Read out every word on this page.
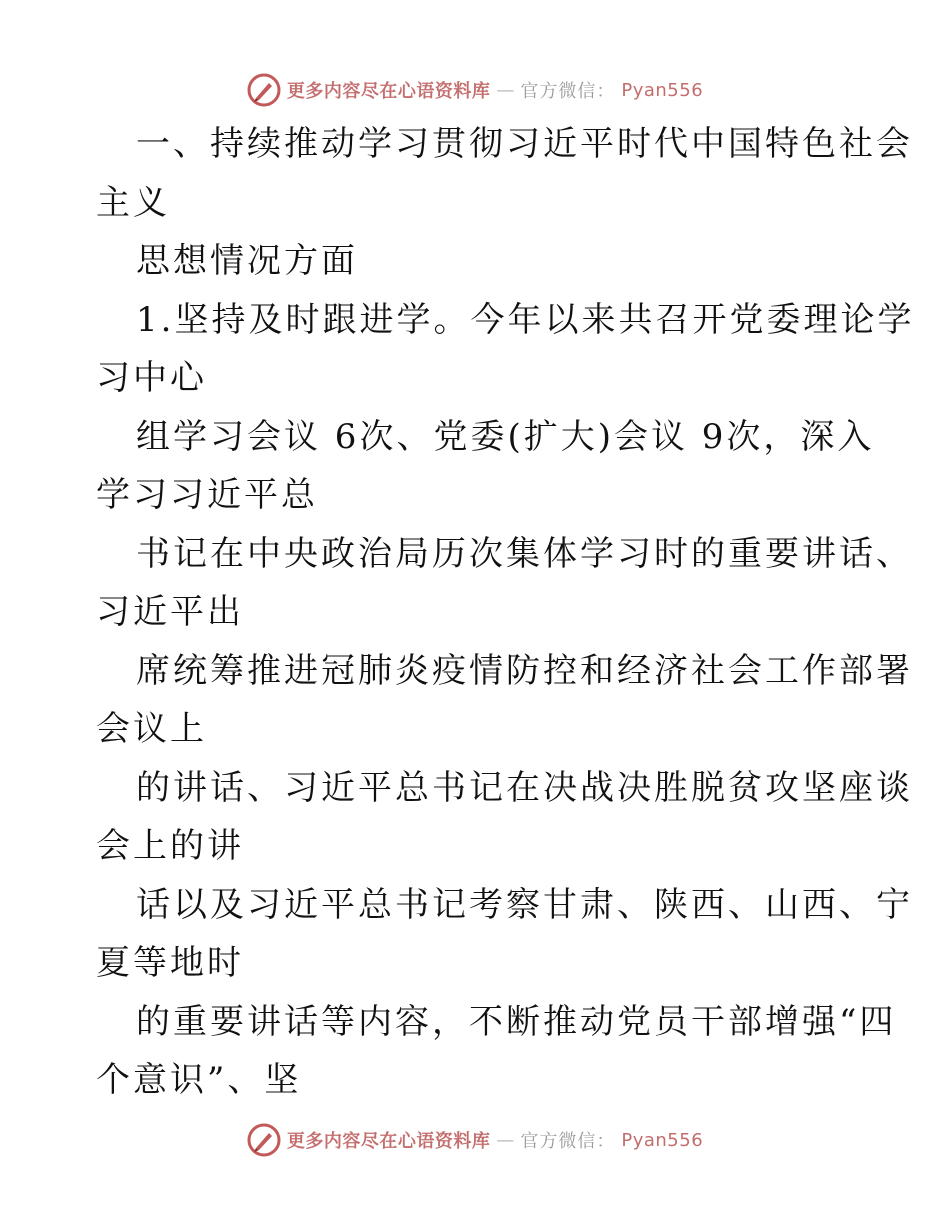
更多内容尽在心语资料库 — 官方微信： Pyan556
一、持续推动学习贯彻习近平时代中国特色社会
主义
思想情况方面
1.坚持及时跟进学。今年以来共召开党委理论学
习中心
组学习会议 6次、党委(扩大)会议 9次，深入
学习习近平总
书记在中央政治局历次集体学习时的重要讲话、
习近平出
席统筹推进冠肺炎疫情防控和经济社会工作部署
会议上
的讲话、习近平总书记在决战决胜脱贫攻坚座谈
会上的讲
话以及习近平总书记考察甘肃、陕西、山西、宁
夏等地时
的重要讲话等内容，不断推动党员干部增强“四
个意识”、坚
更多内容尽在心语资料库 — 官方微信： Pyan556
